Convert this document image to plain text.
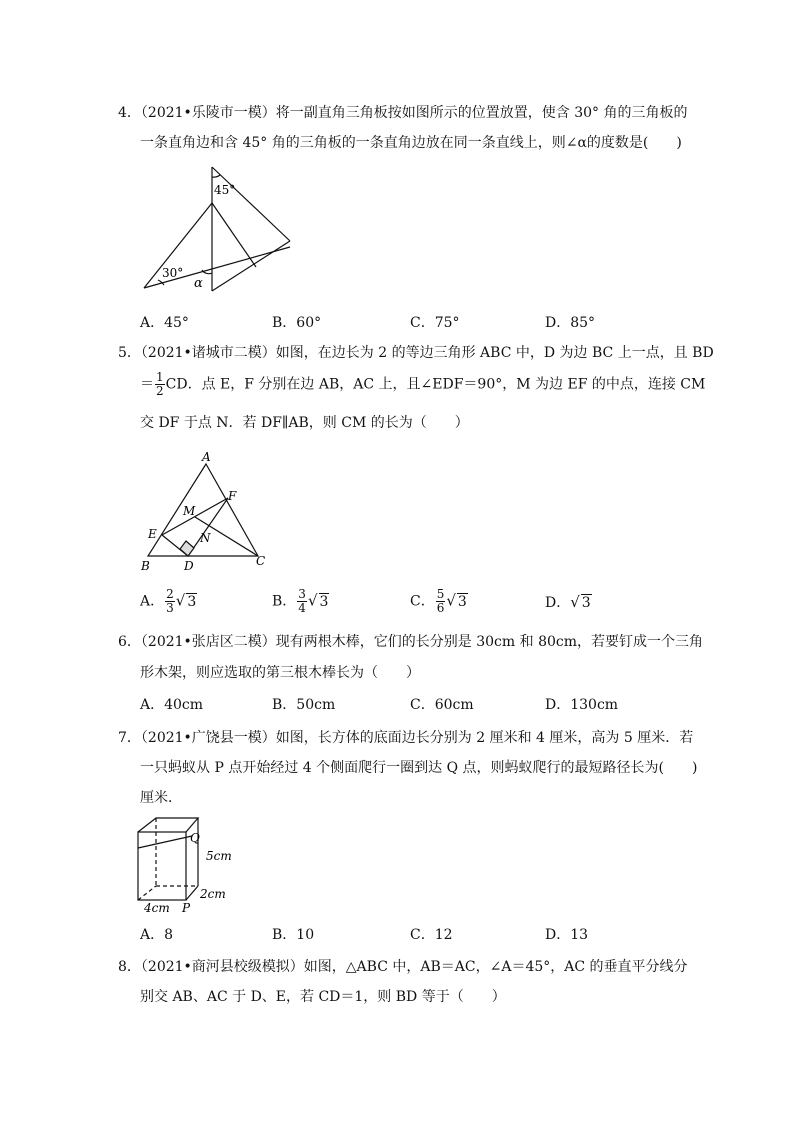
4．（2021•乐陵市一模）将一副直角三角板按如图所示的位置放置，使含 30° 角的三角板的
一条直角边和含 45° 角的三角板的一条直角边放在同一条直线上，则∠α的度数是(　　)
45°
30°
α
A．45°	B．60°	C．75°	D．85°
5．（2021•诸城市二模）如图，在边长为 2 的等边三角形 ABC 中，D 为边 BC 上一点，且 BD
＝ $\frac{1}{2}$ CD．点 E，F 分别在边 AB，AC 上，且∠EDF＝90°，M 为边 EF 的中点，连接 CM
交 DF 于点 N．若 DF∥AB，则 CM 的长为（　　）
A
B	C
D
E
F
M
N
A． $\frac{2}{3}$ √ 3	B． $\frac{3}{4}$ √ 3	C． $\frac{5}{6}$ √ 3	D．√ 3
6．（2021•张店区二模）现有两根木棒，它们的长分别是 30cm 和 80cm，若要钉成一个三角
形木架，则应选取的第三根木棒长为（　　）
A．40cm	B．50cm	C．60cm	D．130cm
7．（2021•广饶县一模）如图，长方体的底面边长分别为 2 厘米和 4 厘米，高为 5 厘米．若
一只蚂蚁从 P 点开始经过 4 个侧面爬行一圈到达 Q 点，则蚂蚁爬行的最短路径长为(　　)
厘米．
Q
5cm
2cm
4cm P
A．8	B．10	C．12	D．13
8．（2021•商河县校级模拟）如图，△ABC 中，AB＝AC，∠A＝45°，AC 的垂直平分线分
别交 AB、AC 于 D、E，若 CD＝1，则 BD 等于（　　）
